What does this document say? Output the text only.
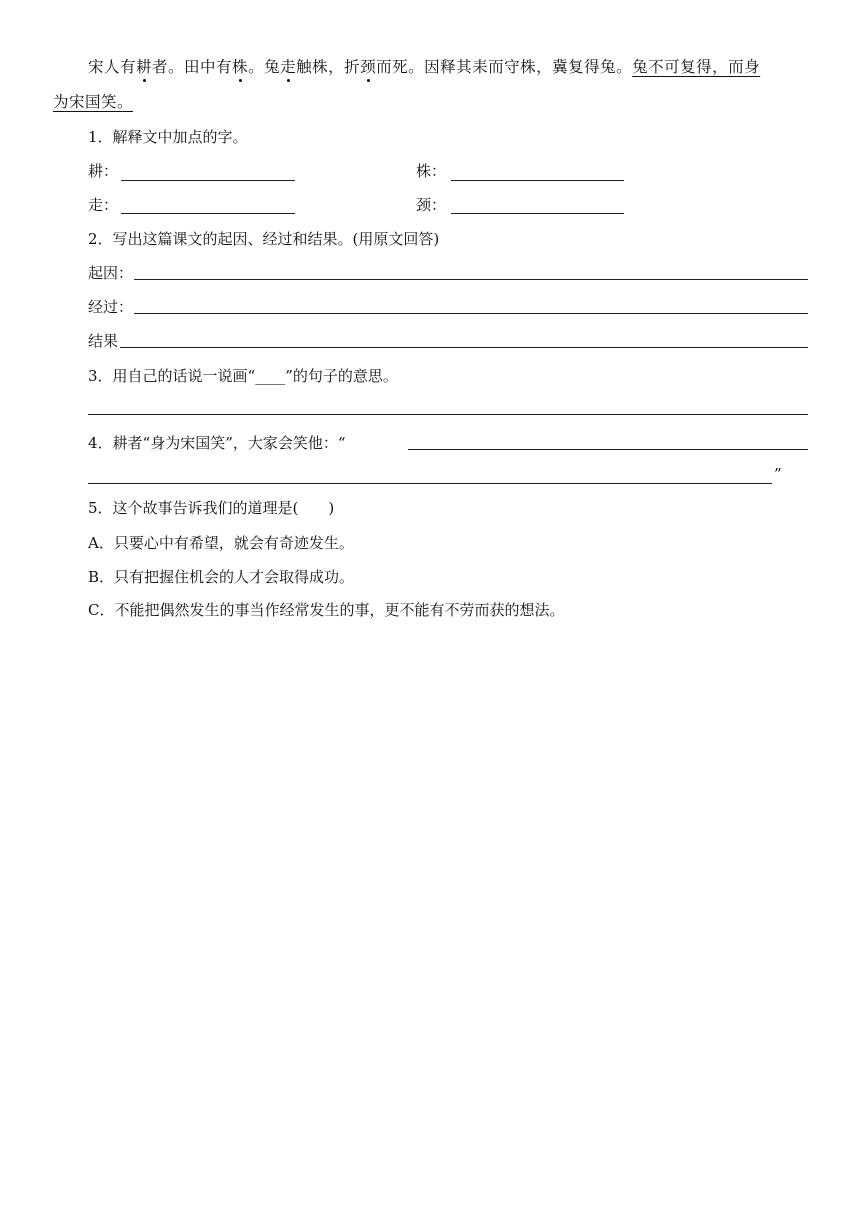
宋人有耕者。田中有株。兔走触株，折颈而死。因释其耒而守株，冀复得兔。兔不可复得，而身
为宋国笑。
1．解释文中加点的字。
耕：	株：
走：	颈：
2．写出这篇课文的起因、经过和结果。(用原文回答)
起因：
经过：
结果
3．用自己的话说一说画“____”的句子的意思。
4．耕者“身为宋国笑”，大家会笑他：“
”
5．这个故事告诉我们的道理是(　　)
A．只要心中有希望，就会有奇迹发生。
B．只有把握住机会的人才会取得成功。
C．不能把偶然发生的事当作经常发生的事，更不能有不劳而获的想法。
